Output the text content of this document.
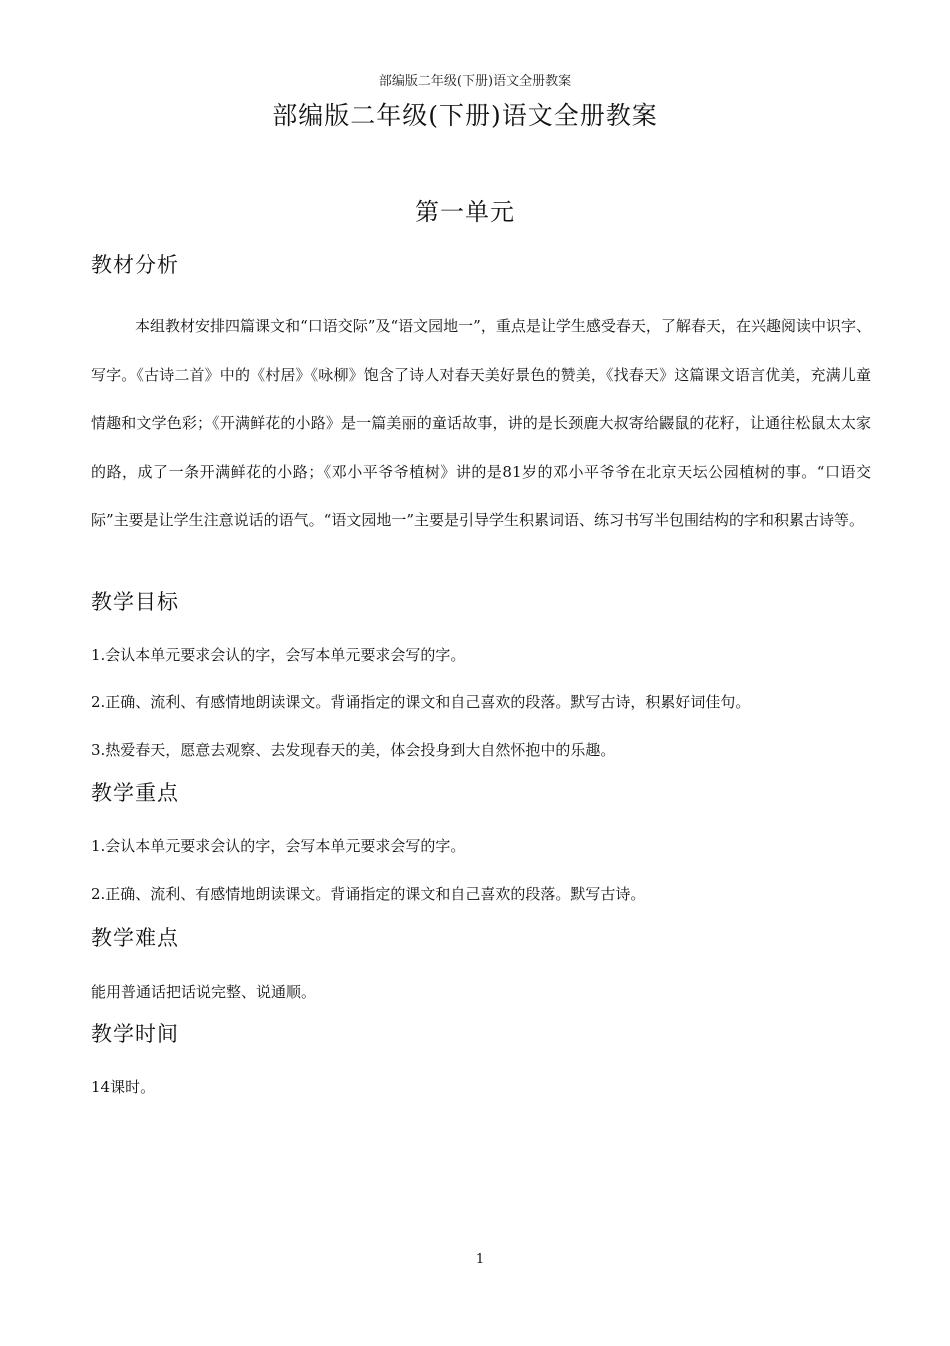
部编版二年级(下册)语文全册教案
部编版二年级(下册)语文全册教案
第一单元
教材分析

本组教材安排四篇课文和“口语交际”及“语文园地一”，重点是让学生感受春天，了解春天，在兴趣阅读中识字、写字。《古诗二首》中的《村居》《咏柳》饱含了诗人对春天美好景色的赞美，《找春天》这篇课文语言优美，充满儿童情趣和文学色彩；《开满鲜花的小路》是一篇美丽的童话故事，讲的是长颈鹿大叔寄给鼹鼠的花籽，让通往松鼠太太家的路，成了一条开满鲜花的小路；《邓小平爷爷植树》讲的是81岁的邓小平爷爷在北京天坛公园植树的事。“口语交际”主要是让学生注意说话的语气。“语文园地一”主要是引导学生积累词语、练习书写半包围结构的字和积累古诗等。

教学目标
1.会认本单元要求会认的字，会写本单元要求会写的字。
2.正确、流利、有感情地朗读课文。背诵指定的课文和自己喜欢的段落。默写古诗，积累好词佳句。
3.热爱春天，愿意去观察、去发现春天的美，体会投身到大自然怀抱中的乐趣。
教学重点
1.会认本单元要求会认的字，会写本单元要求会写的字。
2.正确、流利、有感情地朗读课文。背诵指定的课文和自己喜欢的段落。默写古诗。
教学难点
能用普通话把话说完整、说通顺。
教学时间
14课时。
1
